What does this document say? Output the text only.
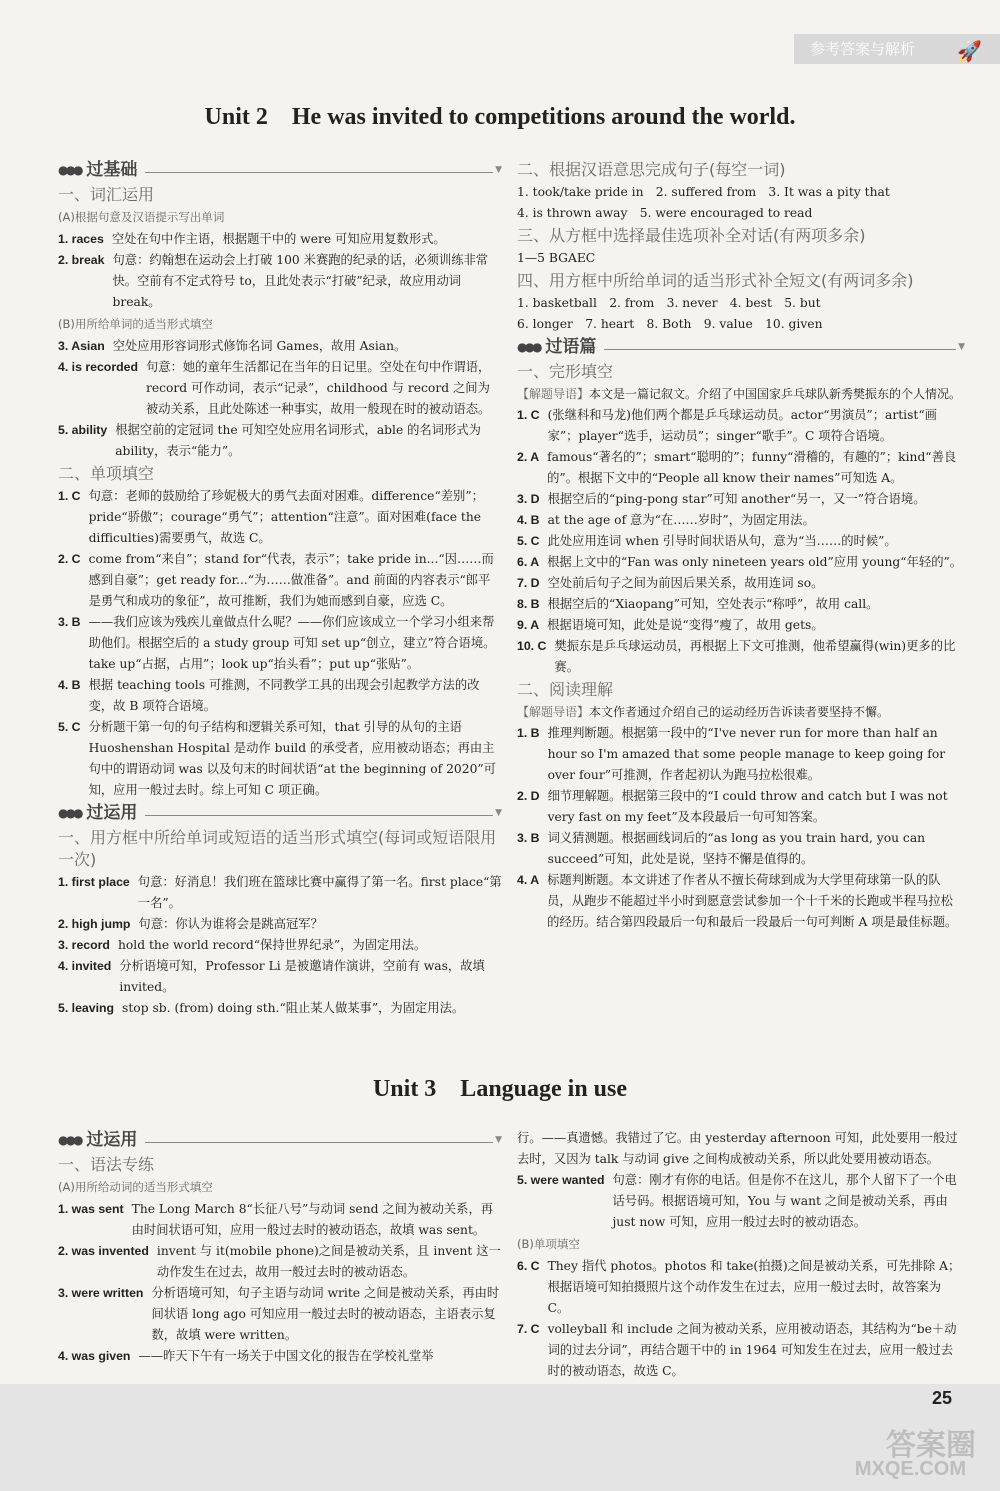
参考答案与解析 🚀
Unit 2　He was invited to competitions around the world.
●●● 过基础	▼
一、词汇运用
(A)根据句意及汉语提示写出单词
1. races 空处在句中作主语，根据题干中的 were 可知应用复数形式。
2. break 句意：约翰想在运动会上打破 100 米赛跑的纪录的话，必须训练非常快。空前有不定式符号 to，且此处表示“打破”纪录，故应用动词 break。
(B)用所给单词的适当形式填空
3. Asian 空处应用形容词形式修饰名词 Games，故用 Asian。
4. is recorded 句意：她的童年生活都记在当年的日记里。空处在句中作谓语，record 可作动词，表示“记录”，childhood 与 record 之间为被动关系，且此处陈述一种事实，故用一般现在时的被动语态。
5. ability 根据空前的定冠词 the 可知空处应用名词形式，able 的名词形式为 ability，表示“能力”。
二、单项填空
1. C 句意：老师的鼓励给了珍妮极大的勇气去面对困难。difference“差别”；pride“骄傲”；courage“勇气”；attention“注意”。面对困难(face the difficulties)需要勇气，故选 C。
2. C come from“来自”；stand for“代表，表示”；take pride in...“因……而感到自豪”；get ready for...“为……做准备”。and 前面的内容表示“郎平是勇气和成功的象征”，故可推断，我们为她而感到自豪，应选 C。
3. B ——我们应该为残疾儿童做点什么呢？——你们应该成立一个学习小组来帮助他们。根据空后的 a study group 可知 set up“创立，建立”符合语境。take up“占据，占用”；look up“抬头看”；put up“张贴”。
4. B 根据 teaching tools 可推测，不同教学工具的出现会引起教学方法的改变，故 B 项符合语境。
5. C 分析题干第一句的句子结构和逻辑关系可知，that 引导的从句的主语 Huoshenshan Hospital 是动作 build 的承受者，应用被动语态；再由主句中的谓语动词 was 以及句末的时间状语“at the beginning of 2020”可知，应用一般过去时。综上可知 C 项正确。
●●● 过运用	▼
一、用方框中所给单词或短语的适当形式填空(每词或短语限用一次)
1. first place 句意：好消息！我们班在篮球比赛中赢得了第一名。first place“第一名”。
2. high jump 句意：你认为谁将会是跳高冠军？
3. record hold the world record“保持世界纪录”，为固定用法。
4. invited 分析语境可知，Professor Li 是被邀请作演讲，空前有 was，故填 invited。
5. leaving stop sb. (from) doing sth.“阻止某人做某事”，为固定用法。
二、根据汉语意思完成句子(每空一词)
1. took/take pride in　2. suffered from　3. It was a pity that
4. is thrown away　5. were encouraged to read
三、从方框中选择最佳选项补全对话(有两项多余)
1—5 BGAEC
四、用方框中所给单词的适当形式补全短文(有两词多余)
1. basketball　2. from　3. never　4. best　5. but
6. longer　7. heart　8. Both　9. value　10. given
●●● 过语篇	▼
一、完形填空
【解题导语】本文是一篇记叙文。介绍了中国国家乒乓球队新秀樊振东的个人情况。
1. C (张继科和马龙)他们两个都是乒乓球运动员。actor“男演员”；artist“画家”；player“选手，运动员”；singer“歌手”。C 项符合语境。
2. A famous“著名的”；smart“聪明的”；funny“滑稽的，有趣的”；kind“善良的”。根据下文中的“People all know their names”可知选 A。
3. D 根据空后的“ping-pong star”可知 another“另一，又一”符合语境。
4. B at the age of 意为“在……岁时”，为固定用法。
5. C 此处应用连词 when 引导时间状语从句，意为“当……的时候”。
6. A 根据上文中的“Fan was only nineteen years old”应用 young“年轻的”。
7. D 空处前后句子之间为前因后果关系，故用连词 so。
8. B 根据空后的“Xiaopang”可知，空处表示“称呼”，故用 call。
9. A 根据语境可知，此处是说“变得”瘦了，故用 gets。
10. C 樊振东是乒乓球运动员，再根据上下文可推测，他希望赢得(win)更多的比赛。
二、阅读理解
【解题导语】本文作者通过介绍自己的运动经历告诉读者要坚持不懈。
1. B 推理判断题。根据第一段中的“I've never run for more than half an hour so I'm amazed that some people manage to keep going for over four”可推测，作者起初认为跑马拉松很难。
2. D 细节理解题。根据第三段中的“I could throw and catch but I was not very fast on my feet”及本段最后一句可知答案。
3. B 词义猜测题。根据画线词后的“as long as you train hard, you can succeed”可知，此处是说，坚持不懈是值得的。
4. A 标题判断题。本文讲述了作者从不擅长荷球到成为大学里荷球第一队的队员，从跑步不能超过半小时到愿意尝试参加一个十千米的长跑或半程马拉松的经历。结合第四段最后一句和最后一段最后一句可判断 A 项是最佳标题。
Unit 3　Language in use
●●● 过运用	▼
一、语法专练
(A)用所给动词的适当形式填空
1. was sent The Long March 8“长征八号”与动词 send 之间为被动关系，再由时间状语可知，应用一般过去时的被动语态，故填 was sent。
2. was invented invent 与 it(mobile phone)之间是被动关系，且 invent 这一动作发生在过去，故用一般过去时的被动语态。
3. were written 分析语境可知，句子主语与动词 write 之间是被动关系，再由时间状语 long ago 可知应用一般过去时的被动语态，主语表示复数，故填 were written。
4. was given ——昨天下午有一场关于中国文化的报告在学校礼堂举
行。——真遗憾。我错过了它。由 yesterday afternoon 可知，此处要用一般过去时，又因为 talk 与动词 give 之间构成被动关系，所以此处要用被动语态。
5. were wanted 句意：刚才有你的电话。但是你不在这儿，那个人留下了一个电话号码。根据语境可知，You 与 want 之间是被动关系，再由 just now 可知，应用一般过去时的被动语态。
(B)单项填空
6. C They 指代 photos。photos 和 take(拍摄)之间是被动关系，可先排除 A；根据语境可知拍摄照片这个动作发生在过去，应用一般过去时，故答案为 C。
7. C volleyball 和 include 之间为被动关系，应用被动语态，其结构为“be＋动词的过去分词”，再结合题干中的 in 1964 可知发生在过去，应用一般过去时的被动语态，故选 C。
25
答案圈
MXQE.COM
